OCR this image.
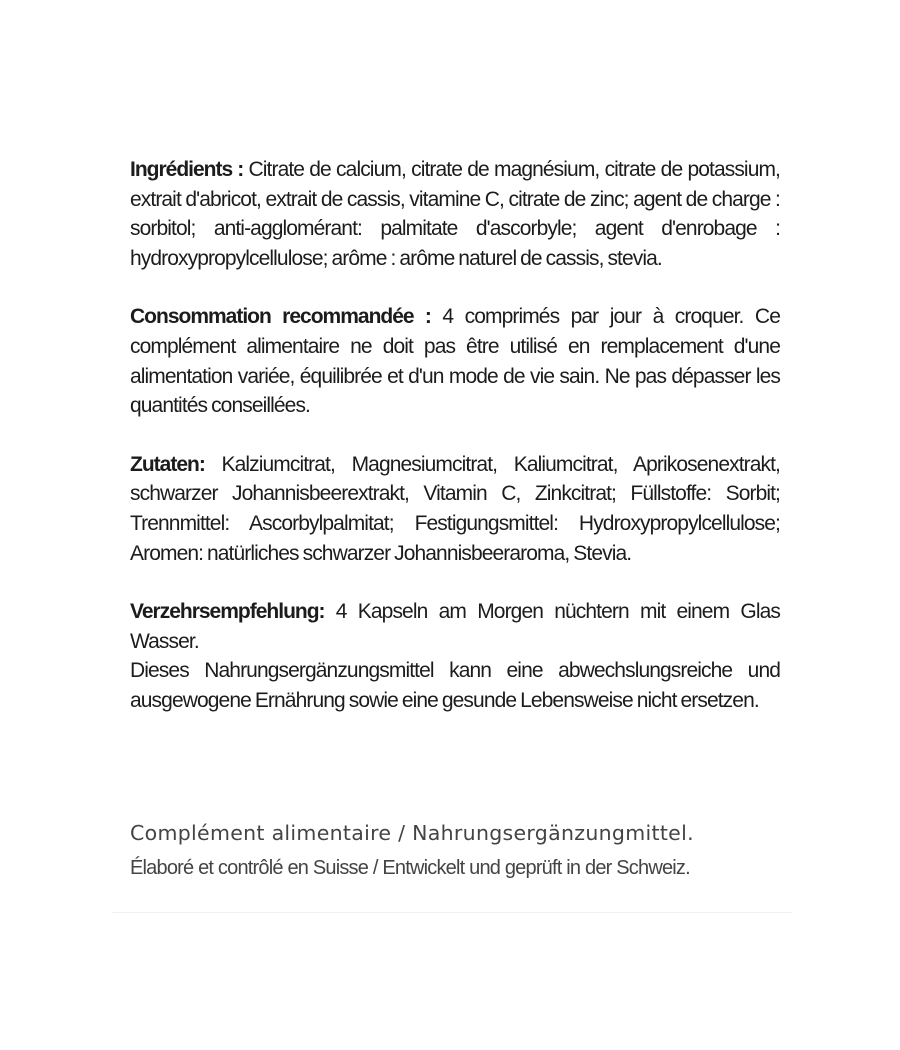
Ingrédients : Citrate de calcium, citrate de magnésium, citrate de potassium, extrait d'abricot, extrait de cassis, vitamine C, citrate de zinc; agent de charge : sorbitol; anti-agglomérant: palmitate d'ascorbyle; agent d'enrobage : hydroxypropylcellulose; arôme : arôme naturel de cassis, stevia.

Consommation recommandée : 4 comprimés par jour à croquer. Ce complément alimentaire ne doit pas être utilisé en remplacement d'une alimentation variée, équilibrée et d'un mode de vie sain. Ne pas dépasser les quantités conseillées.

Zutaten: Kalziumcitrat, Magnesiumcitrat, Kaliumcitrat, Aprikosenextrakt, schwarzer Johannisbeerextrakt, Vitamin C, Zinkcitrat; Füllstoffe: Sorbit; Trennmittel: Ascorbylpalmitat; Festigungsmittel: Hydroxypropylcellulose; Aromen: natürliches schwarzer Johannisbeeraroma, Stevia.

Verzehrsempfehlung: 4 Kapseln am Morgen nüchtern mit einem Glas Wasser.
Dieses Nahrungsergänzungsmittel kann eine abwechslungsreiche und ausgewogene Ernährung sowie eine gesunde Lebensweise nicht ersetzen.

Complément alimentaire / Nahrungsergänzungmittel.

Élaboré et contrôlé en Suisse / Entwickelt und geprüft in der Schweiz.
